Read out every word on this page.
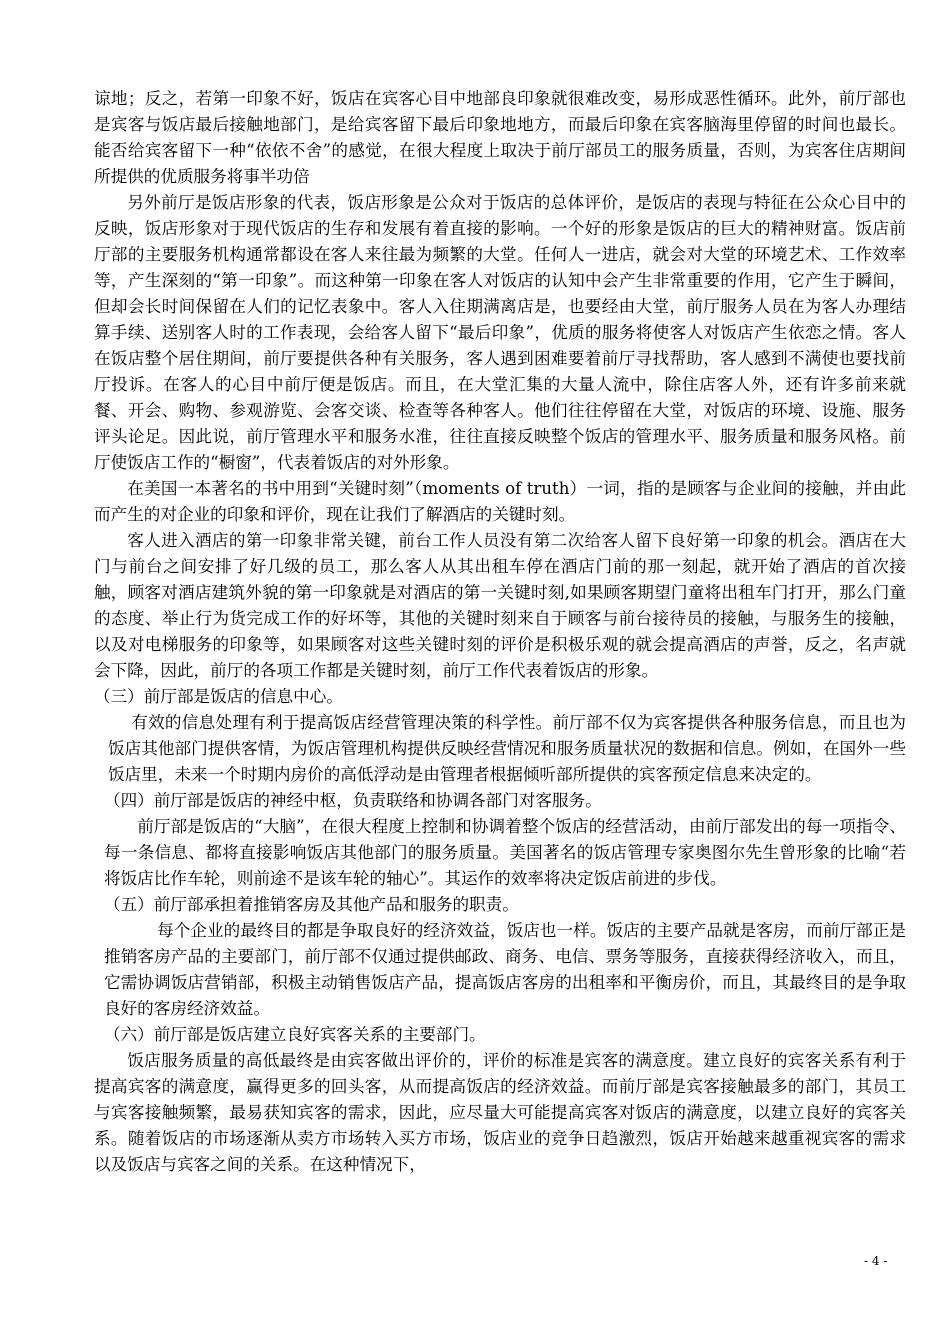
谅地；反之，若第一印象不好，饭店在宾客心目中地部良印象就很难改变，易形成恶性循环。此外，前厅部也是宾客与饭店最后接触地部门，是给宾客留下最后印象地地方，而最后印象在宾客脑海里停留的时间也最长。能否给宾客留下一种“依依不舍”的感觉，在很大程度上取决于前厅部员工的服务质量，否则，为宾客住店期间所提供的优质服务将事半功倍

另外前厅是饭店形象的代表，饭店形象是公众对于饭店的总体评价，是饭店的表现与特征在公众心目中的反映，饭店形象对于现代饭店的生存和发展有着直接的影响。一个好的形象是饭店的巨大的精神财富。饭店前厅部的主要服务机构通常都设在客人来往最为频繁的大堂。任何人一进店，就会对大堂的环境艺术、工作效率等，产生深刻的“第一印象”。而这种第一印象在客人对饭店的认知中会产生非常重要的作用，它产生于瞬间，但却会长时间保留在人们的记忆表象中。客人入住期满离店是，也要经由大堂，前厅服务人员在为客人办理结算手续、送别客人时的工作表现，会给客人留下“最后印象”，优质的服务将使客人对饭店产生依恋之情。客人在饭店整个居住期间，前厅要提供各种有关服务，客人遇到困难要着前厅寻找帮助，客人感到不满使也要找前厅投诉。在客人的心目中前厅便是饭店。而且，在大堂汇集的大量人流中，除住店客人外，还有许多前来就餐、开会、购物、参观游览、会客交谈、检查等各种客人。他们往往停留在大堂，对饭店的环境、设施、服务评头论足。因此说，前厅管理水平和服务水准，往往直接反映整个饭店的管理水平、服务质量和服务风格。前厅使饭店工作的“橱窗”，代表着饭店的对外形象。

在美国一本著名的书中用到“关键时刻”（moments of truth）一词，指的是顾客与企业间的接触，并由此而产生的对企业的印象和评价，现在让我们了解酒店的关键时刻。

客人进入酒店的第一印象非常关键，前台工作人员没有第二次给客人留下良好第一印象的机会。酒店在大门与前台之间安排了好几级的员工，那么客人从其出租车停在酒店门前的那一刻起，就开始了酒店的首次接触，顾客对酒店建筑外貌的第一印象就是对酒店的第一关键时刻,如果顾客期望门童将出租车门打开，那么门童的态度、举止行为货完成工作的好坏等，其他的关键时刻来自于顾客与前台接待员的接触，与服务生的接触，以及对电梯服务的印象等，如果顾客对这些关键时刻的评价是积极乐观的就会提高酒店的声誉，反之，名声就会下降，因此，前厅的各项工作都是关键时刻，前厅工作代表着饭店的形象。

（三）前厅部是饭店的信息中心。

有效的信息处理有利于提高饭店经营管理决策的科学性。前厅部不仅为宾客提供各种服务信息，而且也为饭店其他部门提供客情，为饭店管理机构提供反映经营情况和服务质量状况的数据和信息。例如，在国外一些饭店里，未来一个时期内房价的高低浮动是由管理者根据倾听部所提供的宾客预定信息来决定的。

（四）前厅部是饭店的神经中枢，负责联络和协调各部门对客服务。

前厅部是饭店的“大脑”，在很大程度上控制和协调着整个饭店的经营活动，由前厅部发出的每一项指令、每一条信息、都将直接影响饭店其他部门的服务质量。美国著名的饭店管理专家奥图尔先生曾形象的比喻“若将饭店比作车轮，则前途不是该车轮的轴心”。其运作的效率将决定饭店前进的步伐。

（五）前厅部承担着推销客房及其他产品和服务的职责。

每个企业的最终目的都是争取良好的经济效益，饭店也一样。饭店的主要产品就是客房，而前厅部正是推销客房产品的主要部门，前厅部不仅通过提供邮政、商务、电信、票务等服务，直接获得经济收入，而且，它需协调饭店营销部，积极主动销售饭店产品，提高饭店客房的出租率和平衡房价，而且，其最终目的是争取良好的客房经济效益。

（六）前厅部是饭店建立良好宾客关系的主要部门。

饭店服务质量的高低最终是由宾客做出评价的，评价的标准是宾客的满意度。建立良好的宾客关系有利于提高宾客的满意度，赢得更多的回头客，从而提高饭店的经济效益。而前厅部是宾客接触最多的部门，其员工与宾客接触频繁，最易获知宾客的需求，因此，应尽量大可能提高宾客对饭店的满意度，以建立良好的宾客关系。随着饭店的市场逐渐从卖方市场转入买方市场，饭店业的竞争日趋激烈，饭店开始越来越重视宾客的需求以及饭店与宾客之间的关系。在这种情况下，

- 4 -
